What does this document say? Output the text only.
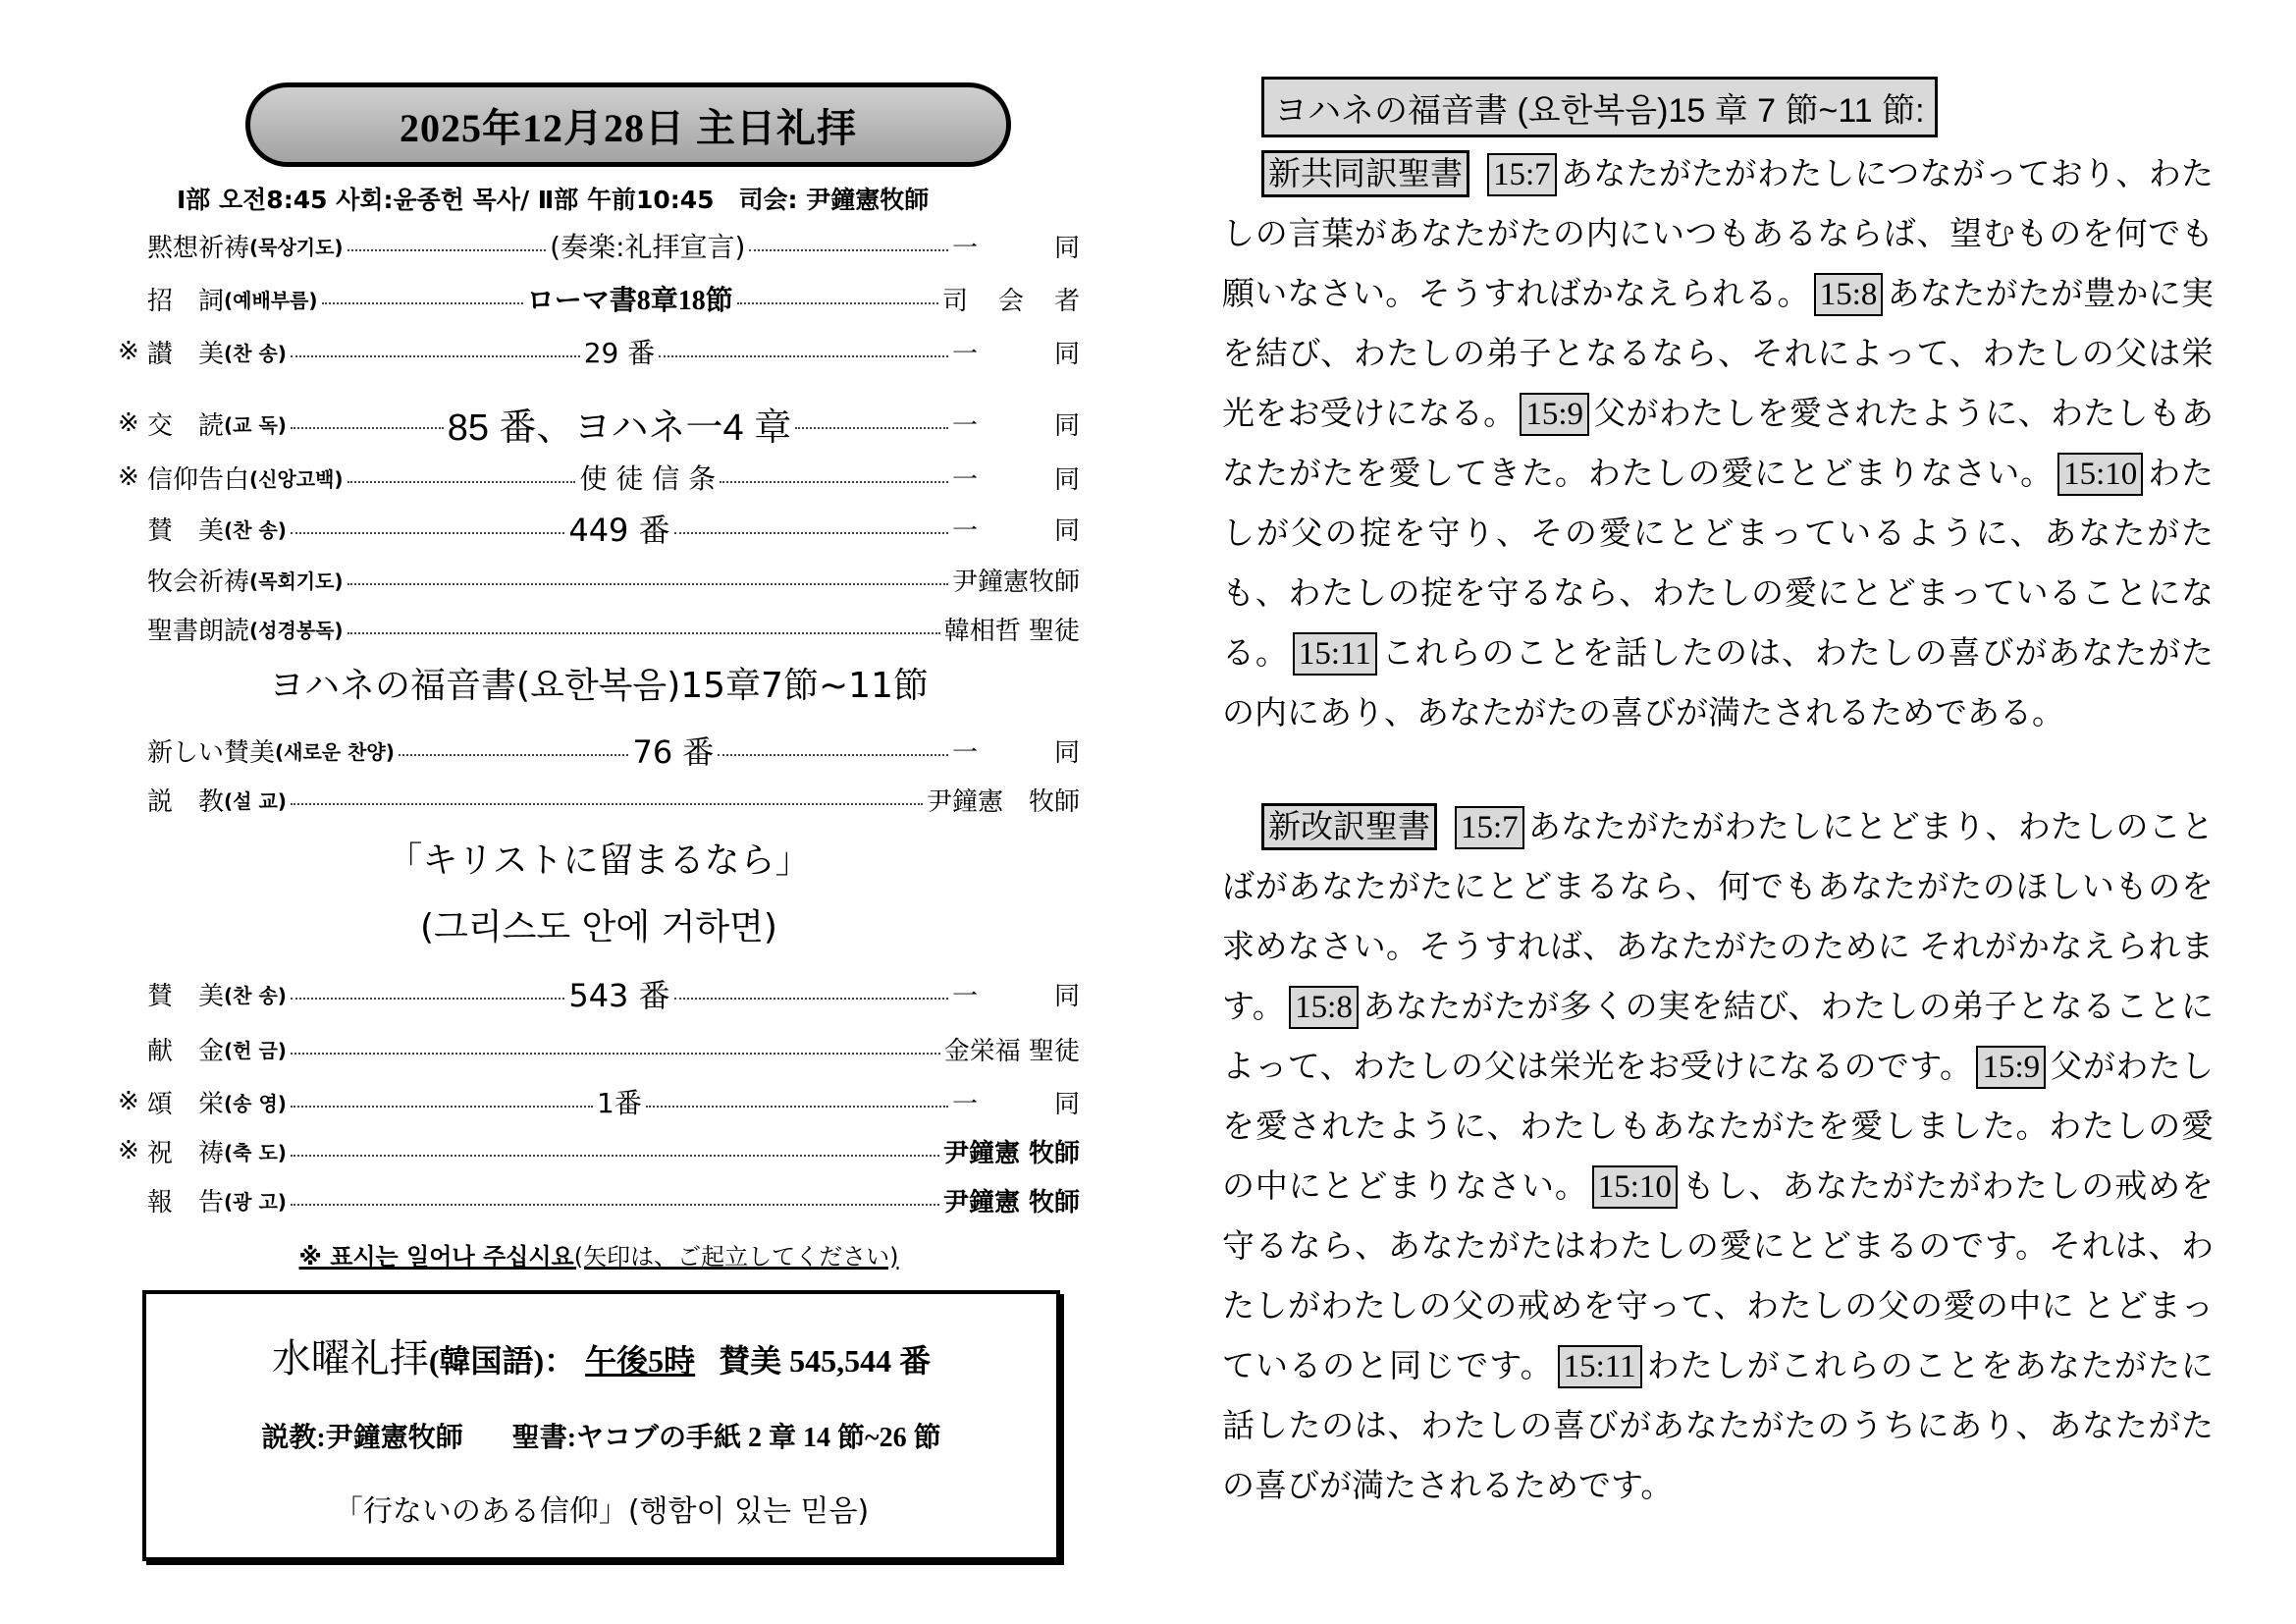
2025年12月28日 主日礼拝
Ⅰ部 오전8:45 사회:윤종헌 목사/ Ⅱ部 午前10:45　司会: 尹鐘憲牧師
黙想祈祷 (묵상기도)	(奏楽:礼拝宣言)	一	同
招　詞 (예배부름)	ローマ書8章18節	司 会 者
※ 讃　美 (찬 송)	29 番	一	同
※ 交　読 (교 독)	85 番、ヨハネ一4 章	一	同
※ 信仰告白 (신앙고백)	使 徒 信 条	一	同
賛　美 (찬 송)	449 番	一	同
牧会祈祷 (목회기도)	尹鐘憲牧師
聖書朗読 (성경봉독)	韓相哲 聖徒
ヨハネの福音書(요한복음)15章7節~11節
新しい賛美 (새로운 찬양)	76 番	一	同
説　教 (설 교)	尹鐘憲　牧師
「キリストに留まるなら」
(그리스도 안에 거하면)
賛　美 (찬 송)	543 番	一	同
献　金 (헌 금)	金栄福 聖徒
※ 頌　栄 (송 영)	1番	一	同
※ 祝　祷 (축 도)	尹鐘憲 牧師
報　告 (광 고)	尹鐘憲 牧師
※ 표시는 일어나 주십시요(矢印は、ご起立してください)
水曜礼拝(韓国語)： 午後5時 賛美 545,544 番
説教:尹鐘憲牧師 聖書:ヤコブの手紙 2 章 14 節~26 節
「行ないのある信仰」(행함이 있는 믿음)
ヨハネの福音書 (요한복음)15 章 7 節~11 節:
新共同訳聖書 15:7 あなたがたがわたしにつながっており、わたしの言葉があなたがたの内にいつもあるならば、望むものを何でも願いなさい。そうすればかなえられる。 15:8 あなたがたが豊かに実を結び、わたしの弟子となるなら、それによって、わたしの父は栄光をお受けになる。 15:9 父がわたしを愛されたように、わたしもあなたがたを愛してきた。わたしの愛にとどまりなさい。 15:10 わたしが父の掟を守り、その愛にとどまっているように、あなたがたも、わたしの掟を守るなら、わたしの愛にとどまっていることになる。 15:11 これらのことを話したのは、わたしの喜びがあなたがたの内にあり、あなたがたの喜びが満たされるためである。
新改訳聖書 15:7 あなたがたがわたしにとどまり、わたしのことばがあなたがたにとどまるなら、何でもあなたがたのほしいものを求めなさい。そうすれば、あなたがたのために それがかなえられます。 15:8 あなたがたが多くの実を結び、わたしの弟子となることによって、わたしの父は栄光をお受けになるのです。 15:9 父がわたしを愛されたように、わたしもあなたがたを愛しました。わたしの愛の中にとどまりなさい。 15:10 もし、あなたがたがわたしの戒めを守るなら、あなたがたはわたしの愛にとどまるのです。それは、わたしがわたしの父の戒めを守って、わたしの父の愛の中に とどまっているのと同じです。 15:11 わたしがこれらのことをあなたがたに話したのは、わたしの喜びがあなたがたのうちにあり、あなたがたの喜びが満たされるためです。
